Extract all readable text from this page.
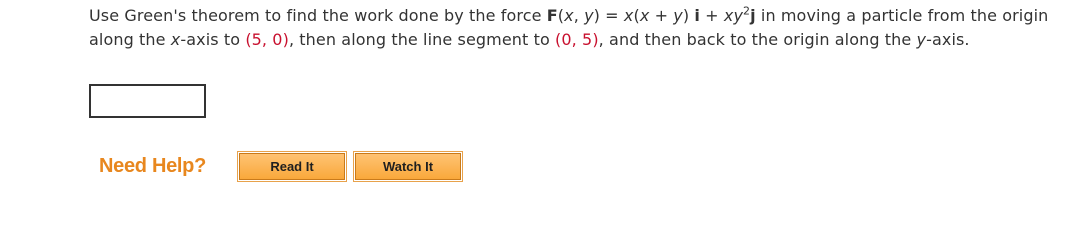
Use Green's theorem to find the work done by the force F(x, y) = x(x + y) $i + xy^2j$ in moving a particle from the origin along the x-axis to (5, 0), then along the line segment to (0, 5), and then back to the origin along the y-axis.
Need Help?	Read It	Watch It
